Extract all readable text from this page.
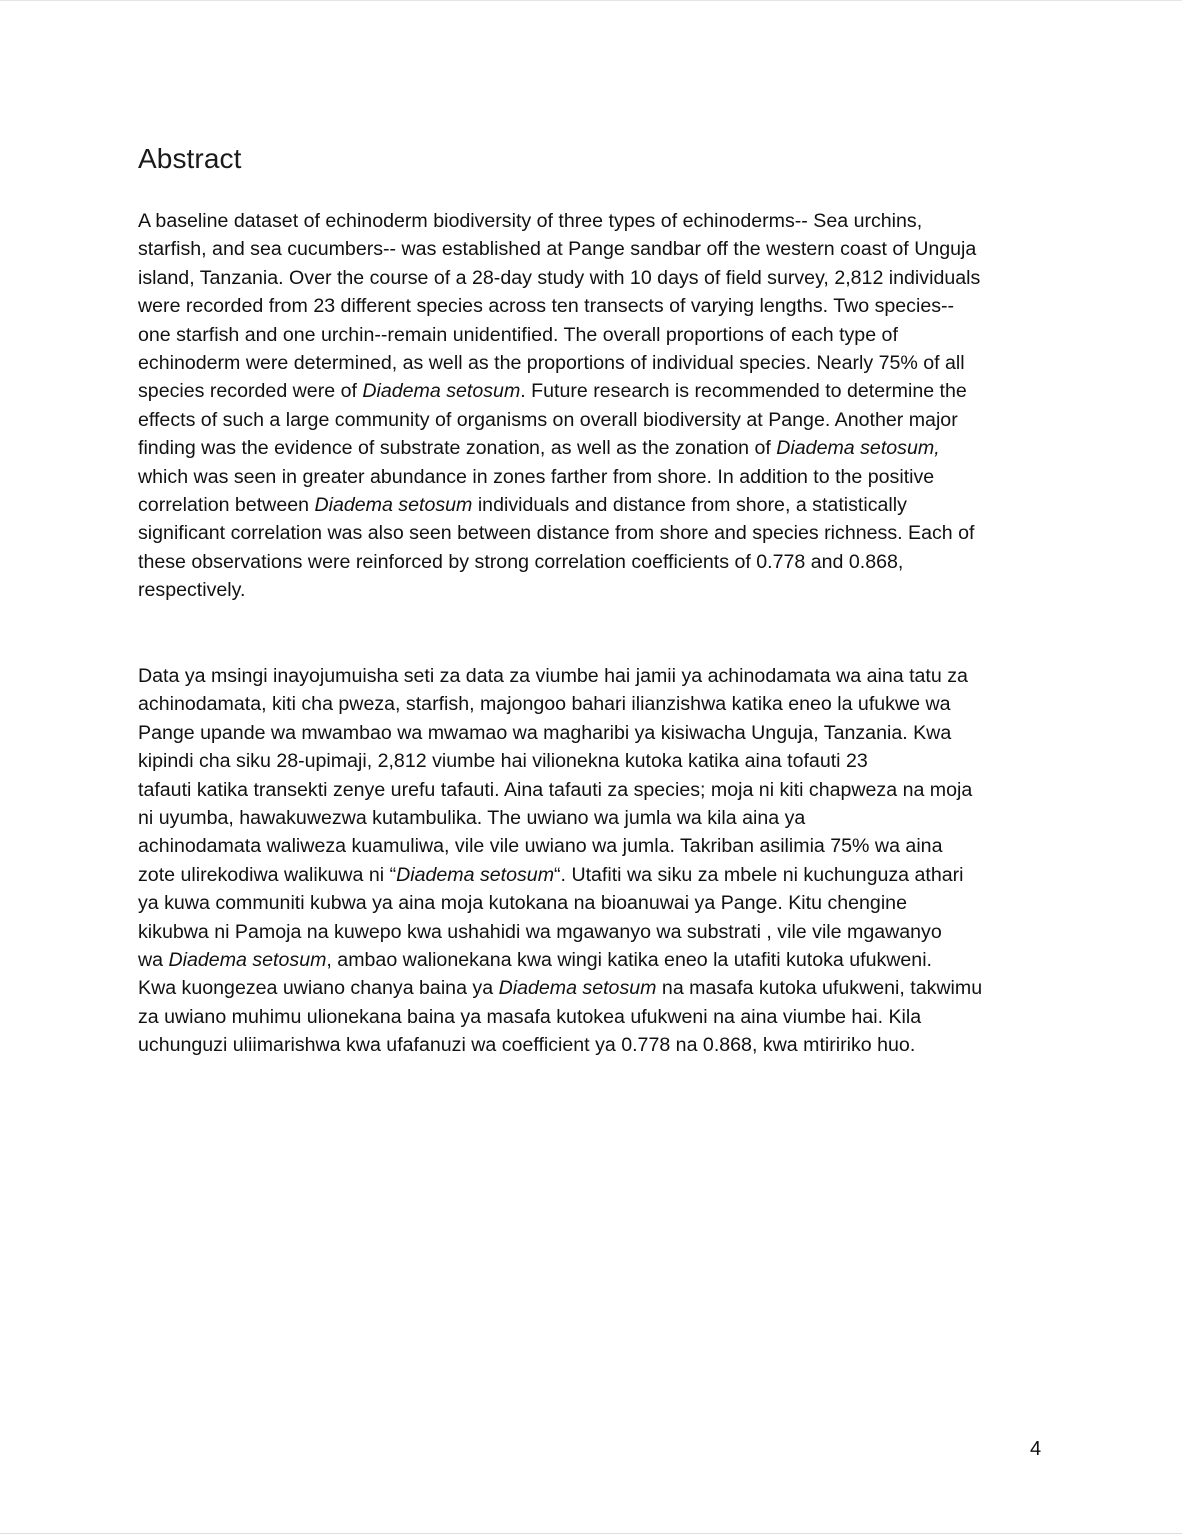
Abstract
A baseline dataset of echinoderm biodiversity of three types of echinoderms-- Sea urchins,
starfish, and sea cucumbers-- was established at Pange sandbar off the western coast of Unguja
island, Tanzania. Over the course of a 28-day study with 10 days of field survey, 2,812 individuals
were recorded from 23 different species across ten transects of varying lengths. Two species--
one starfish and one urchin--remain unidentified. The overall proportions of each type of
echinoderm were determined, as well as the proportions of individual species. Nearly 75% of all
species recorded were of Diadema setosum. Future research is recommended to determine the
effects of such a large community of organisms on overall biodiversity at Pange. Another major
finding was the evidence of substrate zonation, as well as the zonation of Diadema setosum,
which was seen in greater abundance in zones farther from shore. In addition to the positive
correlation between Diadema setosum individuals and distance from shore, a statistically
significant correlation was also seen between distance from shore and species richness. Each of
these observations were reinforced by strong correlation coefficients of 0.778 and 0.868,
respectively.
Data ya msingi inayojumuisha seti za data za viumbe hai jamii ya achinodamata wa aina tatu za
achinodamata, kiti cha pweza, starfish, majongoo bahari ilianzishwa katika eneo la ufukwe wa
Pange upande wa mwambao wa mwamao wa magharibi ya kisiwacha Unguja, Tanzania. Kwa
kipindi cha siku 28-upimaji, 2,812 viumbe hai vilionekna kutoka katika aina tofauti 23
tafauti katika transekti zenye urefu tafauti. Aina tafauti za species; moja ni kiti chapweza na moja
ni uyumba, hawakuwezwa kutambulika. The uwiano wa jumla wa kila aina ya
achinodamata waliweza kuamuliwa, vile vile uwiano wa jumla. Takriban asilimia 75% wa aina
zote ulirekodiwa walikuwa ni “Diadema setosum“. Utafiti wa siku za mbele ni kuchunguza athari
ya kuwa communiti kubwa ya aina moja kutokana na bioanuwai ya Pange. Kitu chengine
kikubwa ni Pamoja na kuwepo kwa ushahidi wa mgawanyo wa substrati , vile vile mgawanyo
wa Diadema setosum, ambao walionekana kwa wingi katika eneo la utafiti kutoka ufukweni.
Kwa kuongezea uwiano chanya baina ya Diadema setosum na masafa kutoka ufukweni, takwimu
za uwiano muhimu ulionekana baina ya masafa kutokea ufukweni na aina viumbe hai. Kila
uchunguzi uliimarishwa kwa ufafanuzi wa coefficient ya 0.778 na 0.868, kwa mtiririko huo.
4
